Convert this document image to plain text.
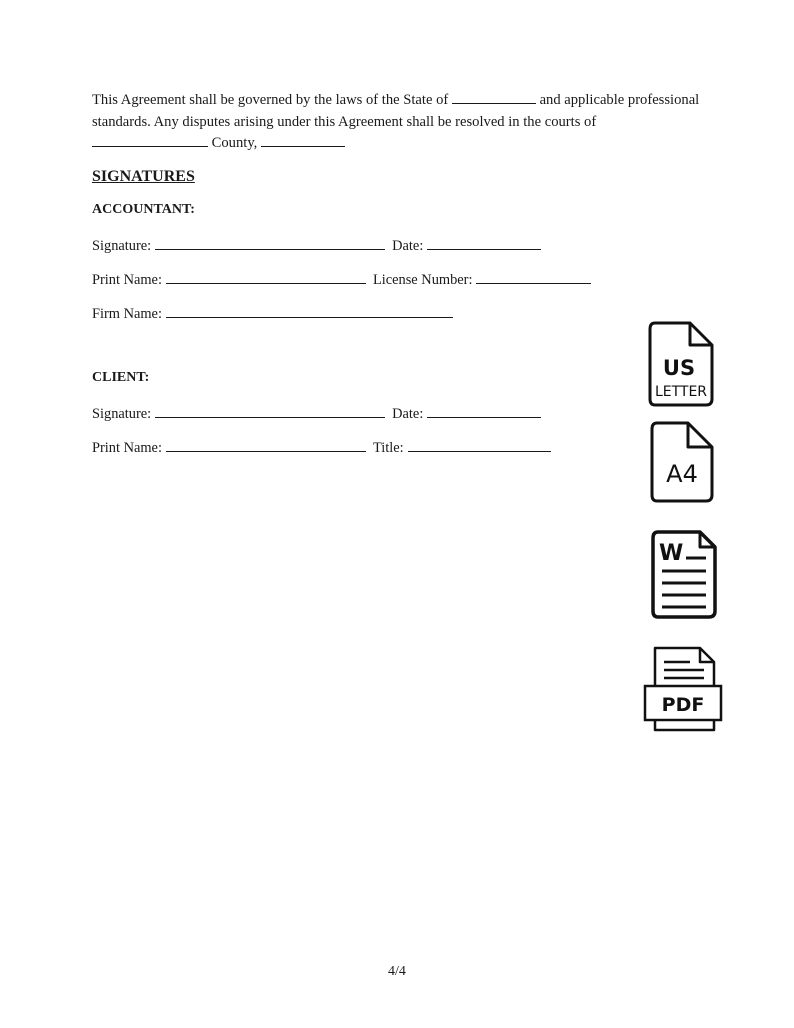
This Agreement shall be governed by the laws of the State of	and applicable professional standards. Any disputes arising under this Agreement shall be resolved in the courts of  County,
SIGNATURES
ACCOUNTANT:
Signature:	Date:
Print Name:	License Number:
Firm Name:
CLIENT:
Signature:	Date:
Print Name:	Title:
US
LETTER
A4
W
PDF
4/4
